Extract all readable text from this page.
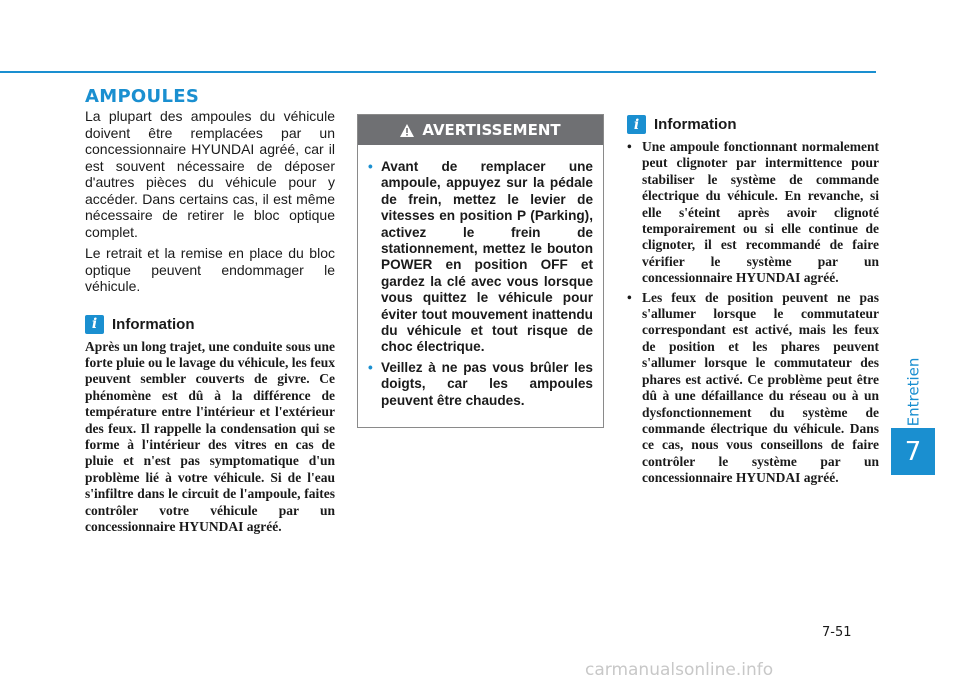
AMPOULES
Entretien
7

La plupart des ampoules du véhicule doivent être remplacées par un concessionnaire HYUNDAI agréé, car il est souvent nécessaire de déposer d'autres pièces du véhicule pour y accéder. Dans certains cas, il est même nécessaire de retirer le bloc optique complet.

Le retrait et la remise en place du bloc optique peuvent endommager le véhicule.

i Information

Après un long trajet, une conduite sous une forte pluie ou le lavage du véhicule, les feux peuvent sembler couverts de givre. Ce phénomène est dû à la différence de température entre l'intérieur et l'extérieur des feux. Il rappelle la condensation qui se forme à l'intérieur des vitres en cas de pluie et n'est pas symptomatique d'un problème lié à votre véhicule. Si de l'eau s'infiltre dans le circuit de l'ampoule, faites contrôler votre véhicule par un concessionnaire HYUNDAI agréé.

AVERTISSEMENT
• Avant de remplacer une ampoule, appuyez sur la pédale de frein, mettez le levier de vitesses en position P (Parking), activez le frein de stationnement, mettez le bouton POWER en position OFF et gardez la clé avec vous lorsque vous quittez le véhicule pour éviter tout mouvement inattendu du véhicule et tout risque de choc électrique.
• Veillez à ne pas vous brûler les doigts, car les ampoules peuvent être chaudes.
i Information
• Une ampoule fonctionnant normalement peut clignoter par intermittence pour stabiliser le système de commande électrique du véhicule. En revanche, si elle s'éteint après avoir clignoté temporairement ou si elle continue de clignoter, il est recommandé de faire vérifier le système par un concessionnaire HYUNDAI agréé.
• Les feux de position peuvent ne pas s'allumer lorsque le commutateur correspondant est activé, mais les feux de position et les phares peuvent s'allumer lorsque le commutateur des phares est activé. Ce problème peut être dû à une défaillance du réseau ou à un dysfonctionnement du système de commande électrique du véhicule. Dans ce cas, nous vous conseillons de faire contrôler le système par un concessionnaire HYUNDAI agréé.
7-51
carmanualsonline.info
